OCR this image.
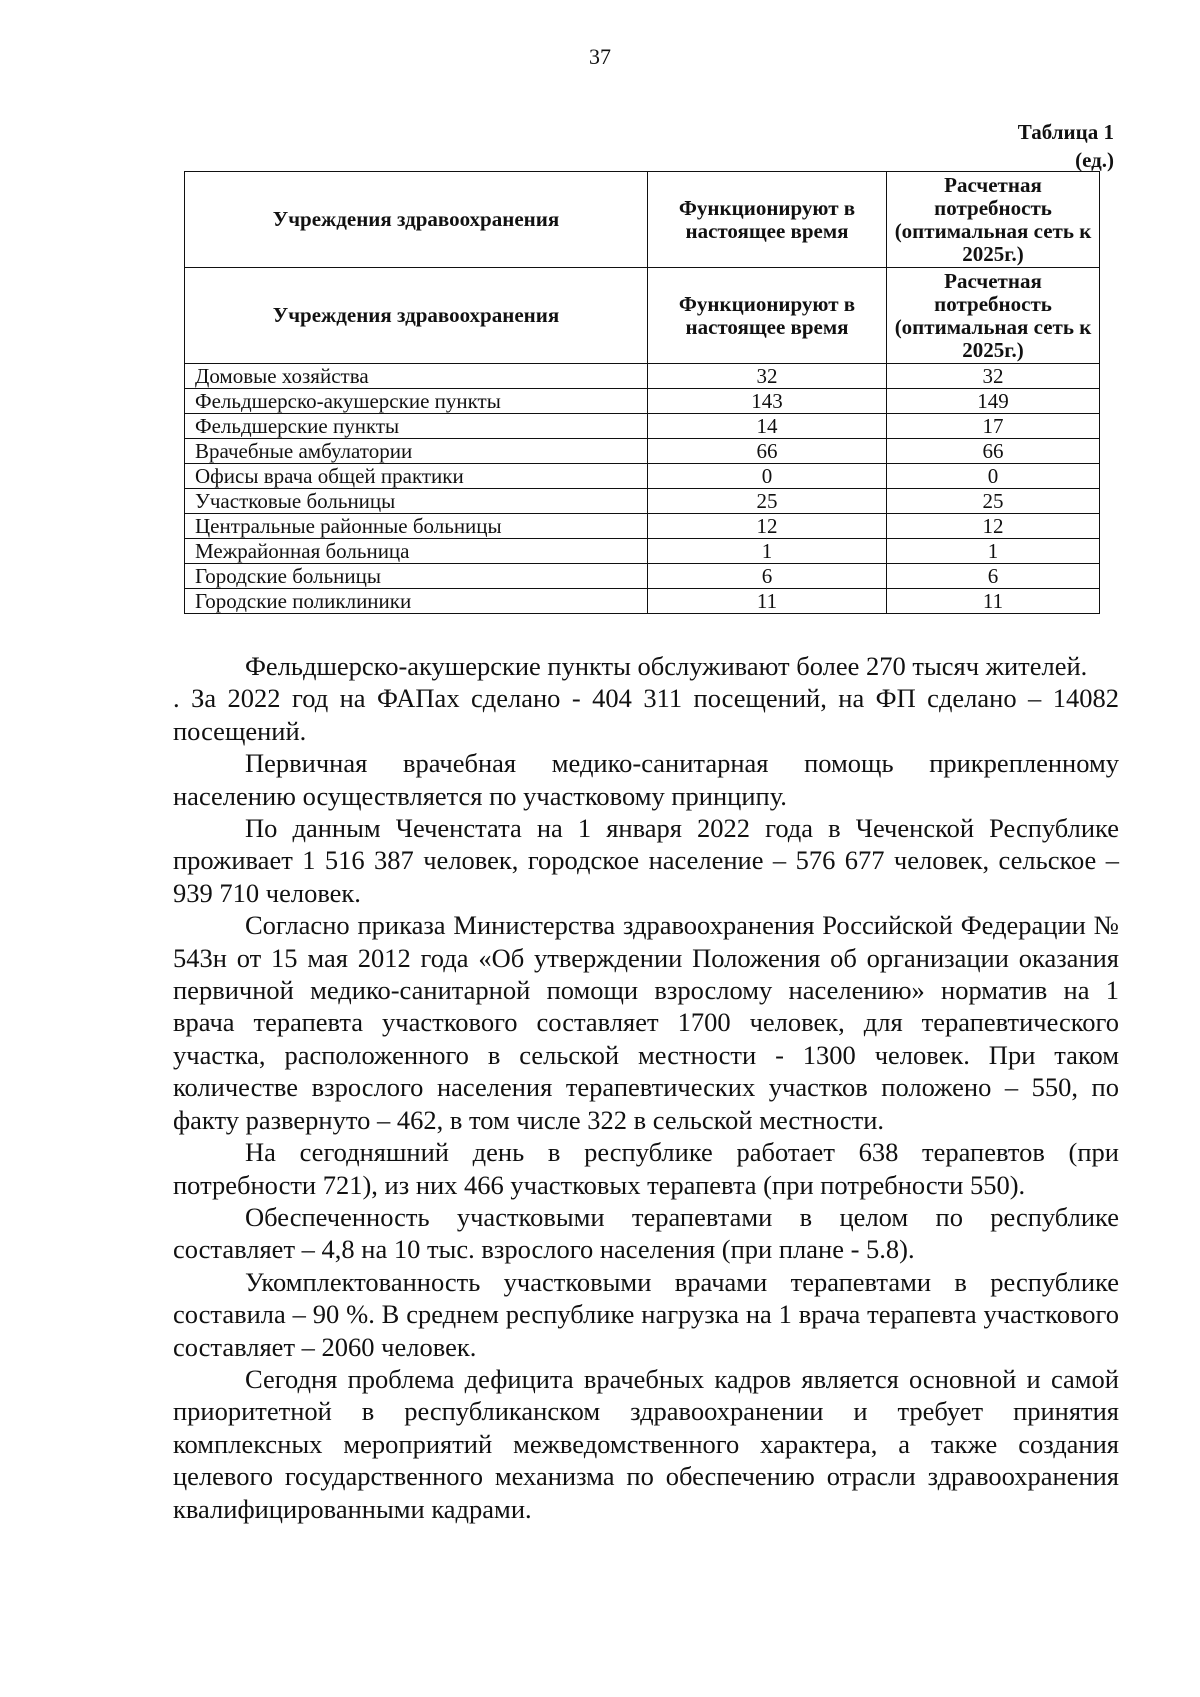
37
Таблица 1
(ед.)
Учреждения здравоохранения	Функционируют в настоящее время	Расчетная потребность (оптимальная сеть к 2025г.)
Учреждения здравоохранения	Функционируют в настоящее время	Расчетная потребность (оптимальная сеть к 2025г.)
Домовые хозяйства	32	32
Фельдшерско-акушерские пункты	143	149
Фельдшерские пункты	14	17
Врачебные амбулатории	66	66
Офисы врача общей практики	0	0
Участковые больницы	25	25
Центральные районные больницы	12	12
Межрайонная больница	1	1
Городские больницы	6	6
Городские поликлиники	11	11

Фельдшерско-акушерские пункты обслуживают более 270 тысяч жителей.

. За 2022 год на ФАПах сделано - 404 311 посещений, на ФП сделано – 14082 посещений.

Первичная врачебная медико-санитарная помощь прикрепленному населению осуществляется по участковому принципу.

По данным Чеченстата на 1 января 2022 года в Чеченской Республике проживает 1 516 387 человек, городское население – 576 677 человек, сельское – 939 710 человек.

Согласно приказа Министерства здравоохранения Российской Федерации № 543н от 15 мая 2012 года «Об утверждении Положения об организации оказания первичной медико-санитарной помощи взрослому населению» норматив на 1 врача терапевта участкового составляет 1700 человек, для терапевтического участка, расположенного в сельской местности - 1300 человек. При таком количестве взрослого населения терапевтических участков положено – 550, по факту развернуто – 462, в том числе 322 в сельской местности.

На сегодняшний день в республике работает 638 терапевтов (при потребности 721), из них 466 участковых терапевта (при потребности 550).

Обеспеченность участковыми терапевтами в целом по республике составляет – 4,8 на 10 тыс. взрослого населения (при плане - 5.8).

Укомплектованность участковыми врачами терапевтами в республике составила – 90 %. В среднем республике нагрузка на 1 врача терапевта участкового составляет – 2060 человек.

Сегодня проблема дефицита врачебных кадров является основной и самой приоритетной в республиканском здравоохранении и требует принятия комплексных мероприятий межведомственного характера, а также создания целевого государственного механизма по обеспечению отрасли здравоохранения квалифицированными кадрами.
